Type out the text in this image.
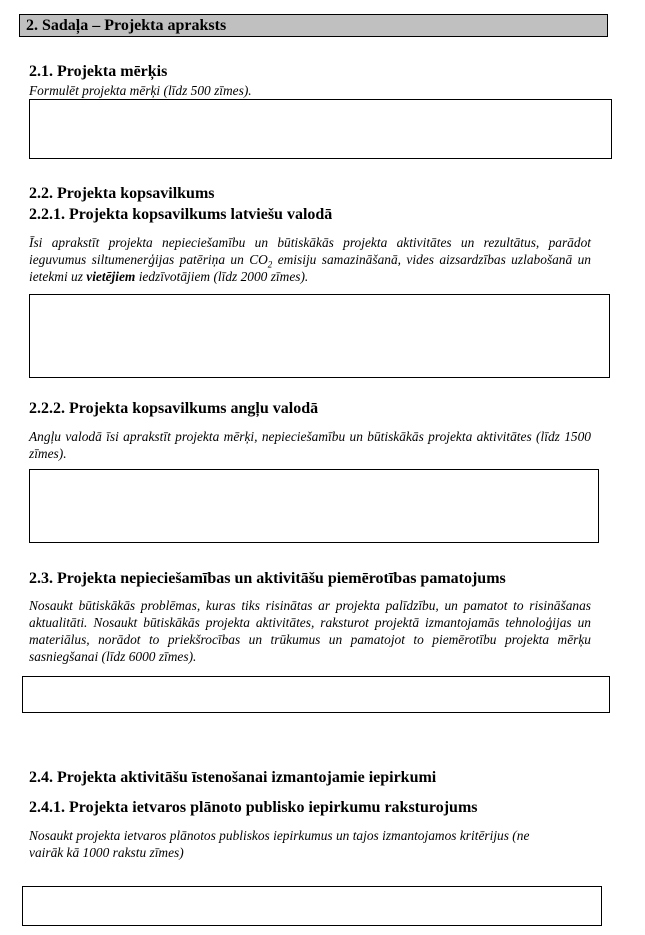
2. Sadaļa – Projekta apraksts
2.1. Projekta mērķis
Formulēt projekta mērķi (līdz 500 zīmes).
2.2. Projekta kopsavilkums
2.2.1. Projekta kopsavilkums latviešu valodā
Īsi aprakstīt projekta nepieciešamību un būtiskākās projekta aktivitātes un rezultātus, parādot ieguvumus siltumenerģijas patēriņa un $CO_2$ emisiju samazināšanā, vides aizsardzības uzlabošanā un ietekmi uz vietējiem iedzīvotājiem (līdz 2000 zīmes).
2.2.2. Projekta kopsavilkums angļu valodā
Angļu valodā īsi aprakstīt projekta mērķi, nepieciešamību un būtiskākās projekta aktivitātes (līdz 1500 zīmes).
2.3. Projekta nepieciešamības un aktivitāšu piemērotības pamatojums
Nosaukt būtiskākās problēmas, kuras tiks risinātas ar projekta palīdzību, un pamatot to risināšanas aktualitāti. Nosaukt būtiskākās projekta aktivitātes, raksturot projektā izmantojamās tehnoloģijas un materiālus, norādot to priekšrocības un trūkumus un pamatojot to piemērotību projekta mērķu sasniegšanai (līdz 6000 zīmes).
2.4. Projekta aktivitāšu īstenošanai izmantojamie iepirkumi
2.4.1. Projekta ietvaros plānoto publisko iepirkumu raksturojums
Nosaukt projekta ietvaros plānotos publiskos iepirkumus un tajos izmantojamos kritērijus (ne vairāk kā 1000 rakstu zīmes)
